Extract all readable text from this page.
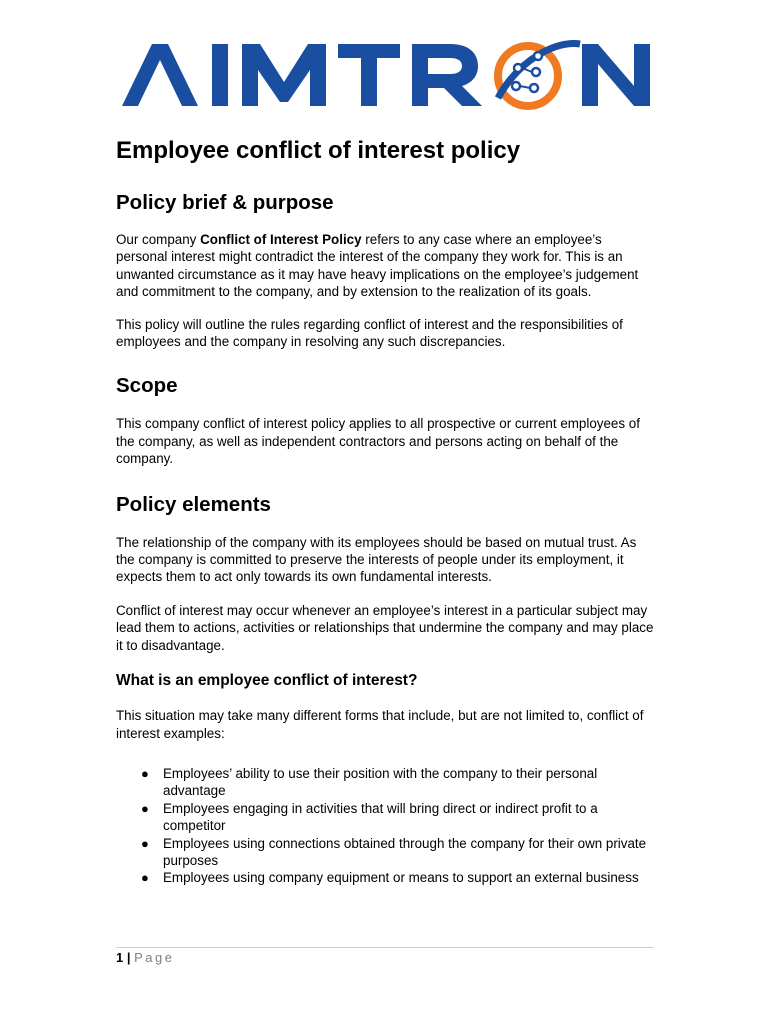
Employee conflict of interest policy
Policy brief & purpose

Our company Conflict of Interest Policy refers to any case where an employee’s personal interest might contradict the interest of the company they work for. This is an unwanted circumstance as it may have heavy implications on the employee’s judgement and commitment to the company, and by extension to the realization of its goals.

This policy will outline the rules regarding conflict of interest and the responsibilities of employees and the company in resolving any such discrepancies.

Scope

This company conflict of interest policy applies to all prospective or current employees of the company, as well as independent contractors and persons acting on behalf of the company.

Policy elements

The relationship of the company with its employees should be based on mutual trust. As the company is committed to preserve the interests of people under its employment, it expects them to act only towards its own fundamental interests.

Conflict of interest may occur whenever an employee’s interest in a particular subject may lead them to actions, activities or relationships that undermine the company and may place it to disadvantage.

What is an employee conflict of interest?

This situation may take many different forms that include, but are not limited to, conflict of interest examples:

● Employees’ ability to use their position with the company to their personal advantage
● Employees engaging in activities that will bring direct or indirect profit to a competitor
● Employees using connections obtained through the company for their own private purposes
● Employees using company equipment or means to support an external business
1 | Page
